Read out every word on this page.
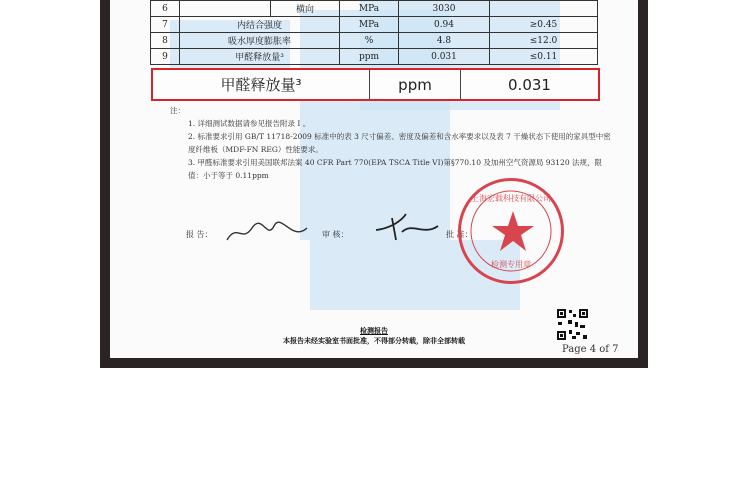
6		横向	MPa	3030	
7	内结合强度		MPa	0.94	≥0.45
8	吸水厚度膨胀率		%	4.8	≤12.0
9	甲醛释放量³		ppm	0.031	≤0.11
甲醛释放量³	ppm	0.031

注：

1. 详细测试数据请参见报告附录 I 。

2. 标准要求引用 GB/T 11718-2009 标准中的表 3 尺寸偏差、密度及偏差和含水率要求以及表 7 干燥状态下使用的家具型中密度纤维板（MDF-FN REG）性能要求。

3. 甲醛标准要求引用美国联邦法案 40 CFR Part 770(EPA TSCA Title VI)第§770.10 及加州空气资源局 93120 法规，限值：小于等于 0.11ppm

报 告：	审 核：	批 准：
上海宏载科技有限公司
检测专用章
检测报告
本报告未经实验室书面批准，不得部分转载，除非全部转载
Page 4 of 7
